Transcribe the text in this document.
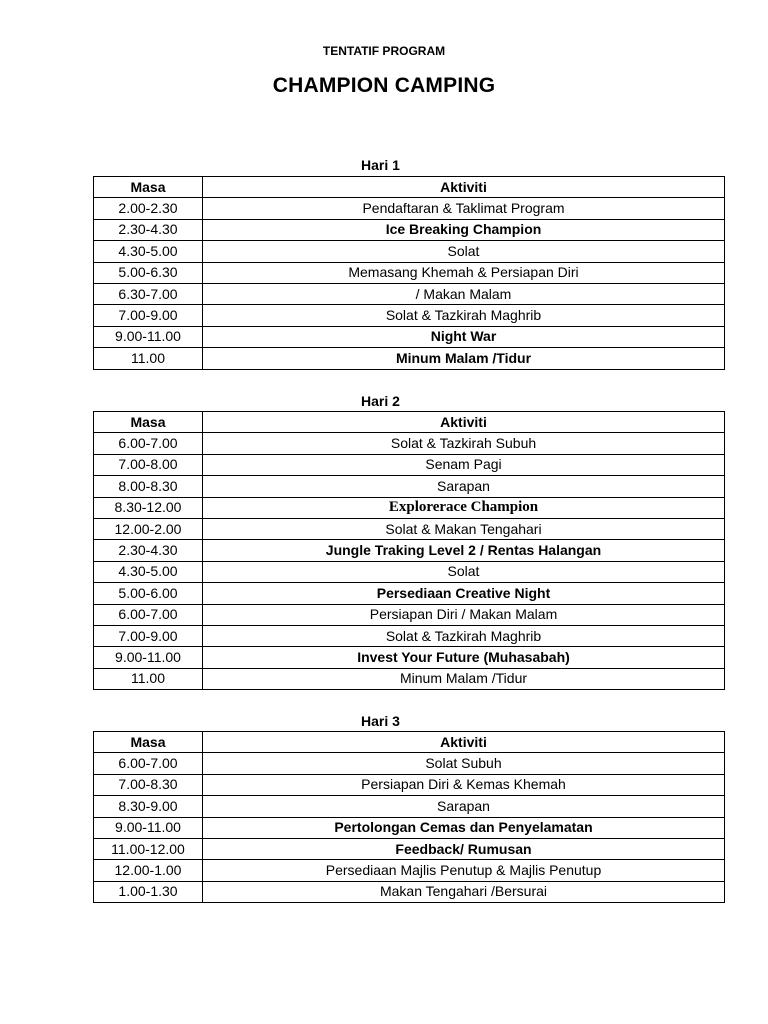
TENTATIF PROGRAM
CHAMPION CAMPING
Hari 1
Masa	Aktiviti
2.00-2.30	Pendaftaran & Taklimat Program
2.30-4.30	Ice Breaking Champion
4.30-5.00	Solat
5.00-6.30	Memasang Khemah & Persiapan Diri
6.30-7.00	/ Makan Malam
7.00-9.00	Solat & Tazkirah Maghrib
9.00-11.00	Night War
11.00	Minum Malam /Tidur
Hari 2
Masa	Aktiviti
6.00-7.00	Solat & Tazkirah Subuh
7.00-8.00	Senam Pagi
8.00-8.30	Sarapan
8.30-12.00	Explorerace Champion
12.00-2.00	Solat & Makan Tengahari
2.30-4.30	Jungle Traking Level 2 / Rentas Halangan
4.30-5.00	Solat
5.00-6.00	Persediaan Creative Night
6.00-7.00	Persiapan Diri / Makan Malam
7.00-9.00	Solat & Tazkirah Maghrib
9.00-11.00	Invest Your Future (Muhasabah)
11.00	Minum Malam /Tidur
Hari 3
Masa	Aktiviti
6.00-7.00	Solat Subuh
7.00-8.30	Persiapan Diri & Kemas Khemah
8.30-9.00	Sarapan
9.00-11.00	Pertolongan Cemas dan Penyelamatan
11.00-12.00	Feedback/ Rumusan
12.00-1.00	Persediaan Majlis Penutup & Majlis Penutup
1.00-1.30	Makan Tengahari /Bersurai
